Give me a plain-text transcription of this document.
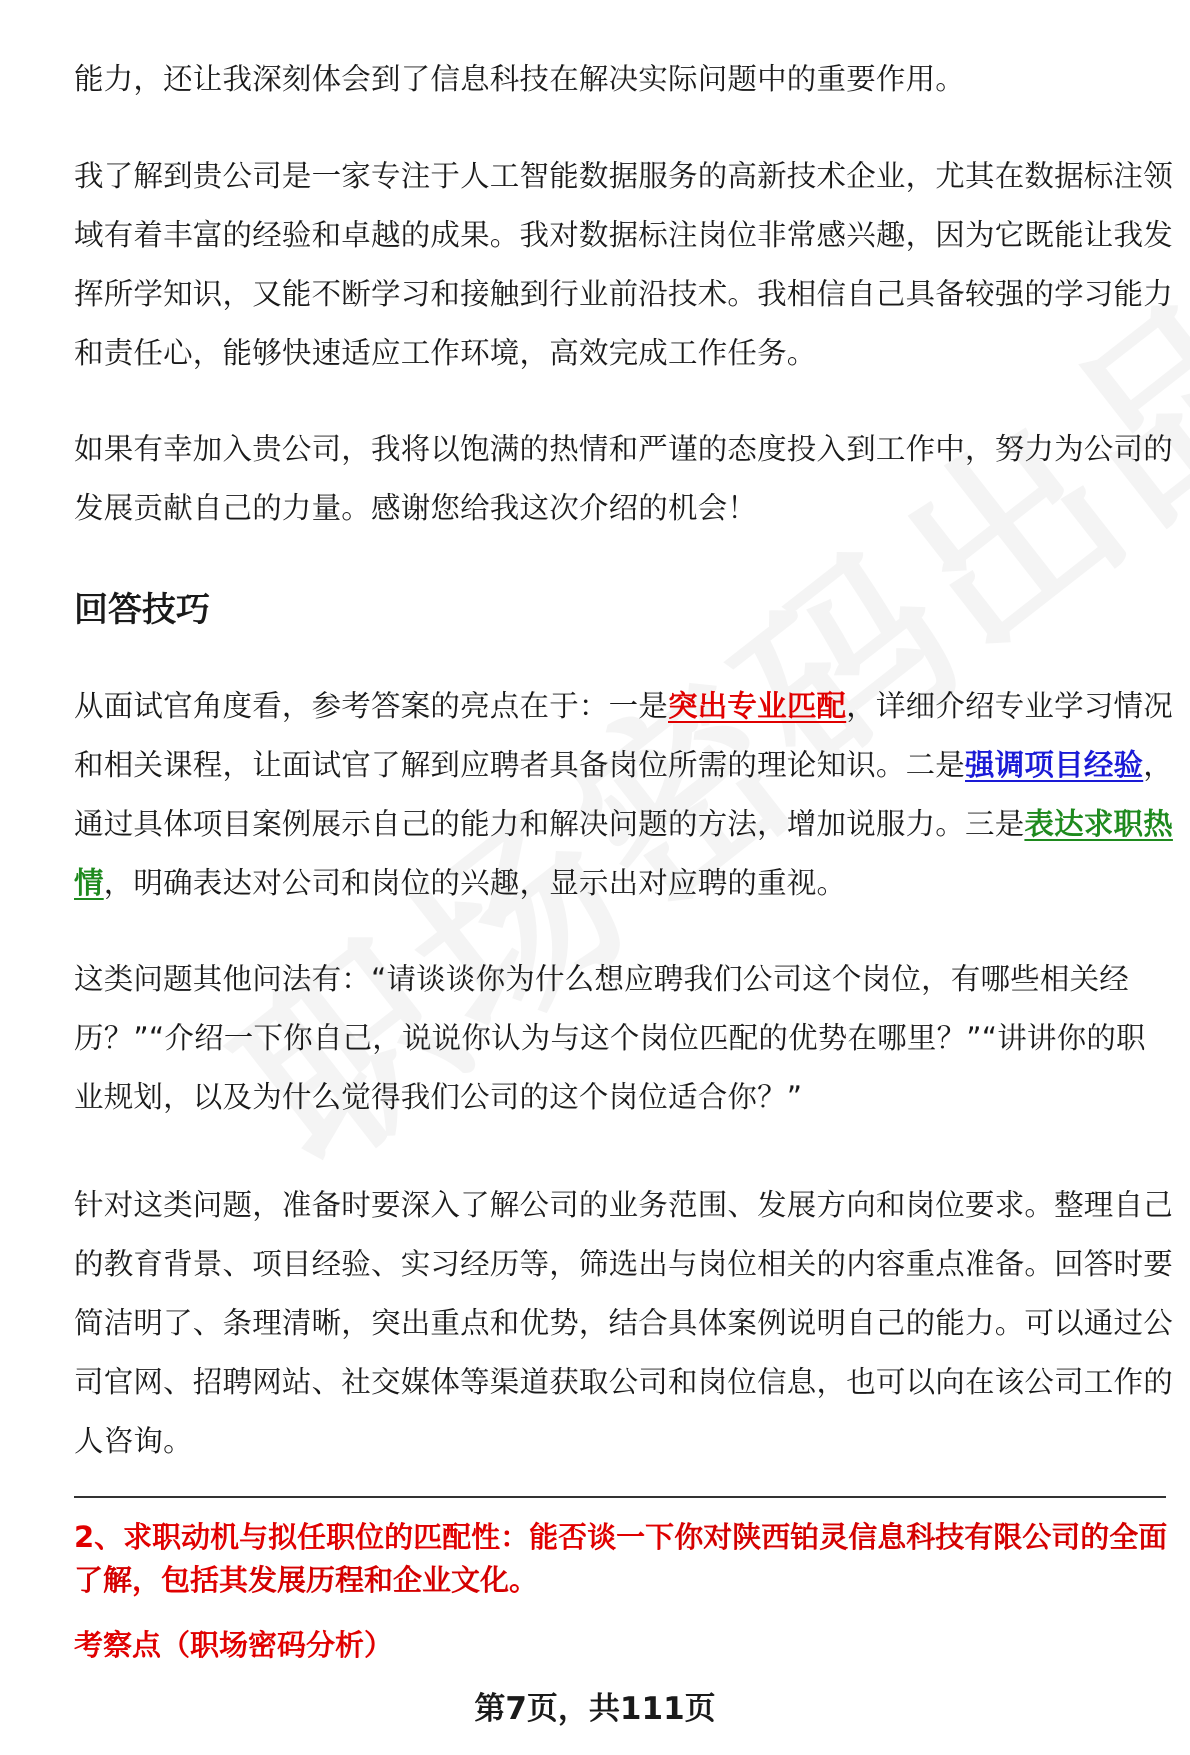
能力，还让我深刻体会到了信息科技在解决实际问题中的重要作用。

我了解到贵公司是一家专注于人工智能数据服务的高新技术企业，尤其在数据标注领域有着丰富的经验和卓越的成果。我对数据标注岗位非常感兴趣，因为它既能让我发挥所学知识，又能不断学习和接触到行业前沿技术。我相信自己具备较强的学习能力和责任心，能够快速适应工作环境，高效完成工作任务。

如果有幸加入贵公司，我将以饱满的热情和严谨的态度投入到工作中，努力为公司的发展贡献自己的力量。感谢您给我这次介绍的机会！

回答技巧

从面试官角度看，参考答案的亮点在于：一是突出专业匹配，详细介绍专业学习情况和相关课程，让面试官了解到应聘者具备岗位所需的理论知识。二是强调项目经验，通过具体项目案例展示自己的能力和解决问题的方法，增加说服力。三是表达求职热情，明确表达对公司和岗位的兴趣，显示出对应聘的重视。

这类问题其他问法有：“请谈谈你为什么想应聘我们公司这个岗位，有哪些相关经历？”“介绍一下你自己，说说你认为与这个岗位匹配的优势在哪里？”“讲讲你的职业规划，以及为什么觉得我们公司的这个岗位适合你？”

针对这类问题，准备时要深入了解公司的业务范围、发展方向和岗位要求。整理自己的教育背景、项目经验、实习经历等，筛选出与岗位相关的内容重点准备。回答时要简洁明了、条理清晰，突出重点和优势，结合具体案例说明自己的能力。可以通过公司官网、招聘网站、社交媒体等渠道获取公司和岗位信息，也可以向在该公司工作的人咨询。

2、求职动机与拟任职位的匹配性：能否谈一下你对陕西铂灵信息科技有限公司的全面了解，包括其发展历程和企业文化。

考察点（职场密码分析）

第7页，共111页
